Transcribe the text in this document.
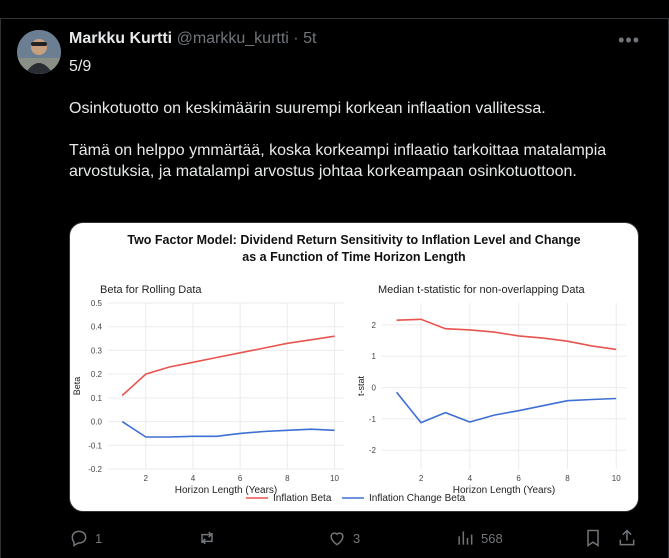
Markku Kurtti @markku_kurtti · 5t	•••

5/9

Osinkotuotto on keskimäärin suurempi korkean inflaation vallitessa.

Tämä on helppo ymmärtää, koska korkeampi inflaatio tarkoittaa matalampia arvostuksia, ja matalampi arvostus johtaa korkeampaan osinkotuottoon.

Two Factor Model: Dividend Return Sensitivity to Inflation Level and Change
as a Function of Time Horizon Length
-0.2
-0.1
0.0
0.1
0.2
0.3
0.4
0.5
2	4	6	8	10
Beta for Rolling Data
Horizon Length (Years)
Beta
-2
-1
0
1
2
2	4	6	8	10
Median t-statistic for non-overlapping Data
Horizon Length (Years)
t-stat
Inflation Beta	Inflation Change Beta
1	3	568
